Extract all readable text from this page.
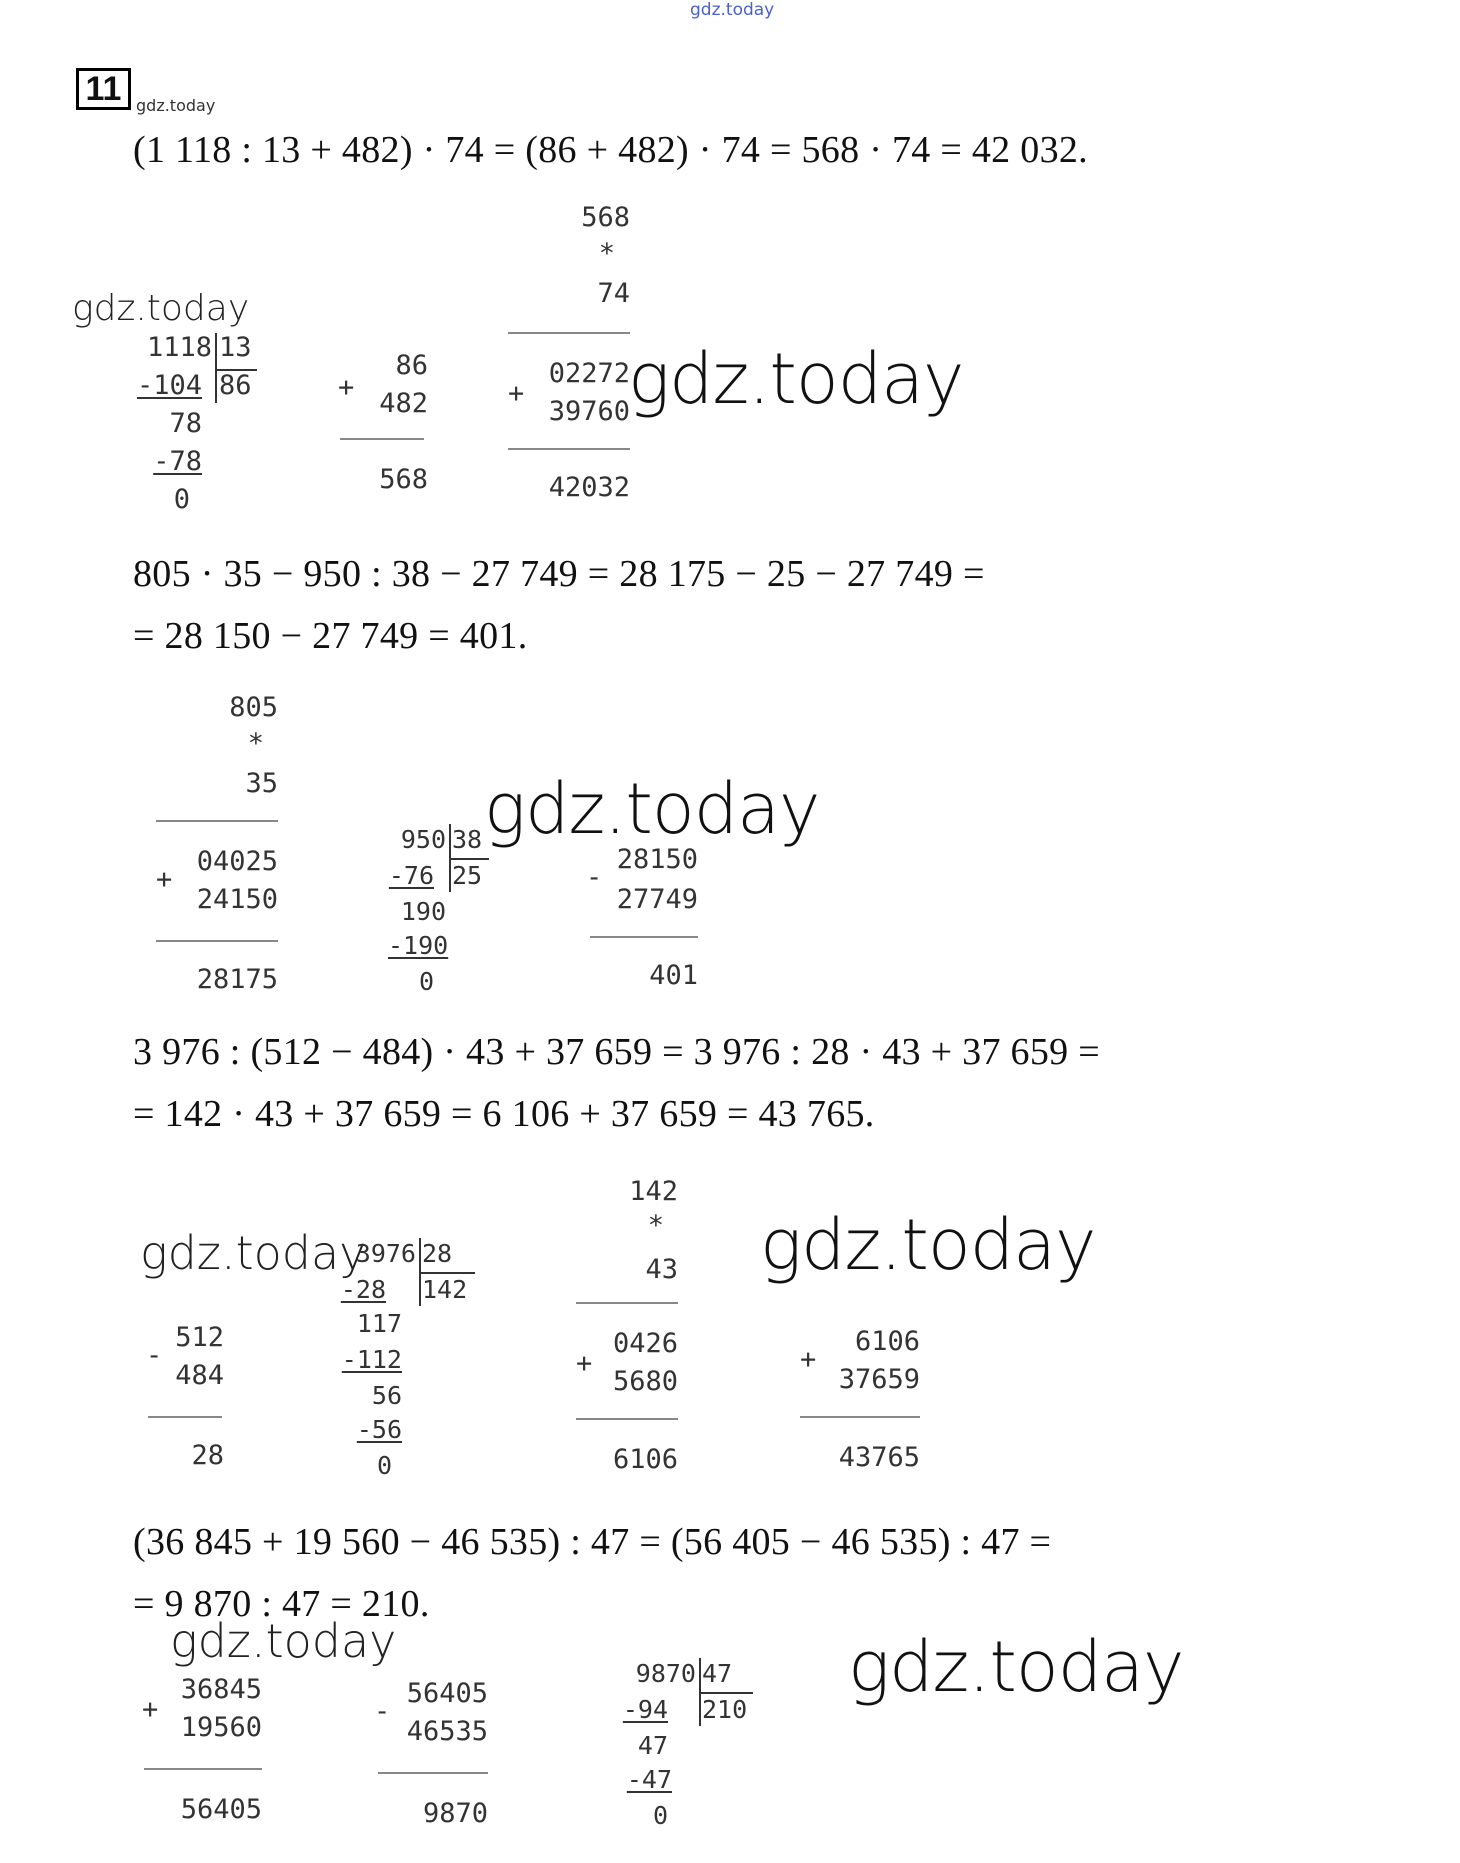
gdz.today
gdz.today
gdz.today
gdz.today
gdz.today
gdz.today	gdz.today
gdz.today	gdz.today
11
(1 118 : 13 + 482) · 74 = (86 + 482) · 74 = 568 · 74 = 42 032.
1118 13
-104 86
78
-78
0
86
+
482
568
568
*
74
02272
+
39760
42032
805 · 35 − 950 : 38 − 27 749 = 28 175 − 25 − 27 749 =
= 28 150 − 27 749 = 401.
805
*
35
04025
+
24150
28175
950 38
-76 25
190
-190
0
28150
-
27749
401
3 976 : (512 − 484) · 43 + 37 659 = 3 976 : 28 · 43 + 37 659 =
= 142 · 43 + 37 659 = 6 106 + 37 659 = 43 765.
512
-
484
28
3976 28
-28 142
117
-112
56
-56
0
142
*
43
0426
+
5680
6106
6106
+
37659
43765
(36 845 + 19 560 − 46 535) : 47 = (56 405 − 46 535) : 47 =
= 9 870 : 47 = 210.
36845
+
19560
56405
56405
-
46535
9870
9870 47
-94 210
47
-47
0
